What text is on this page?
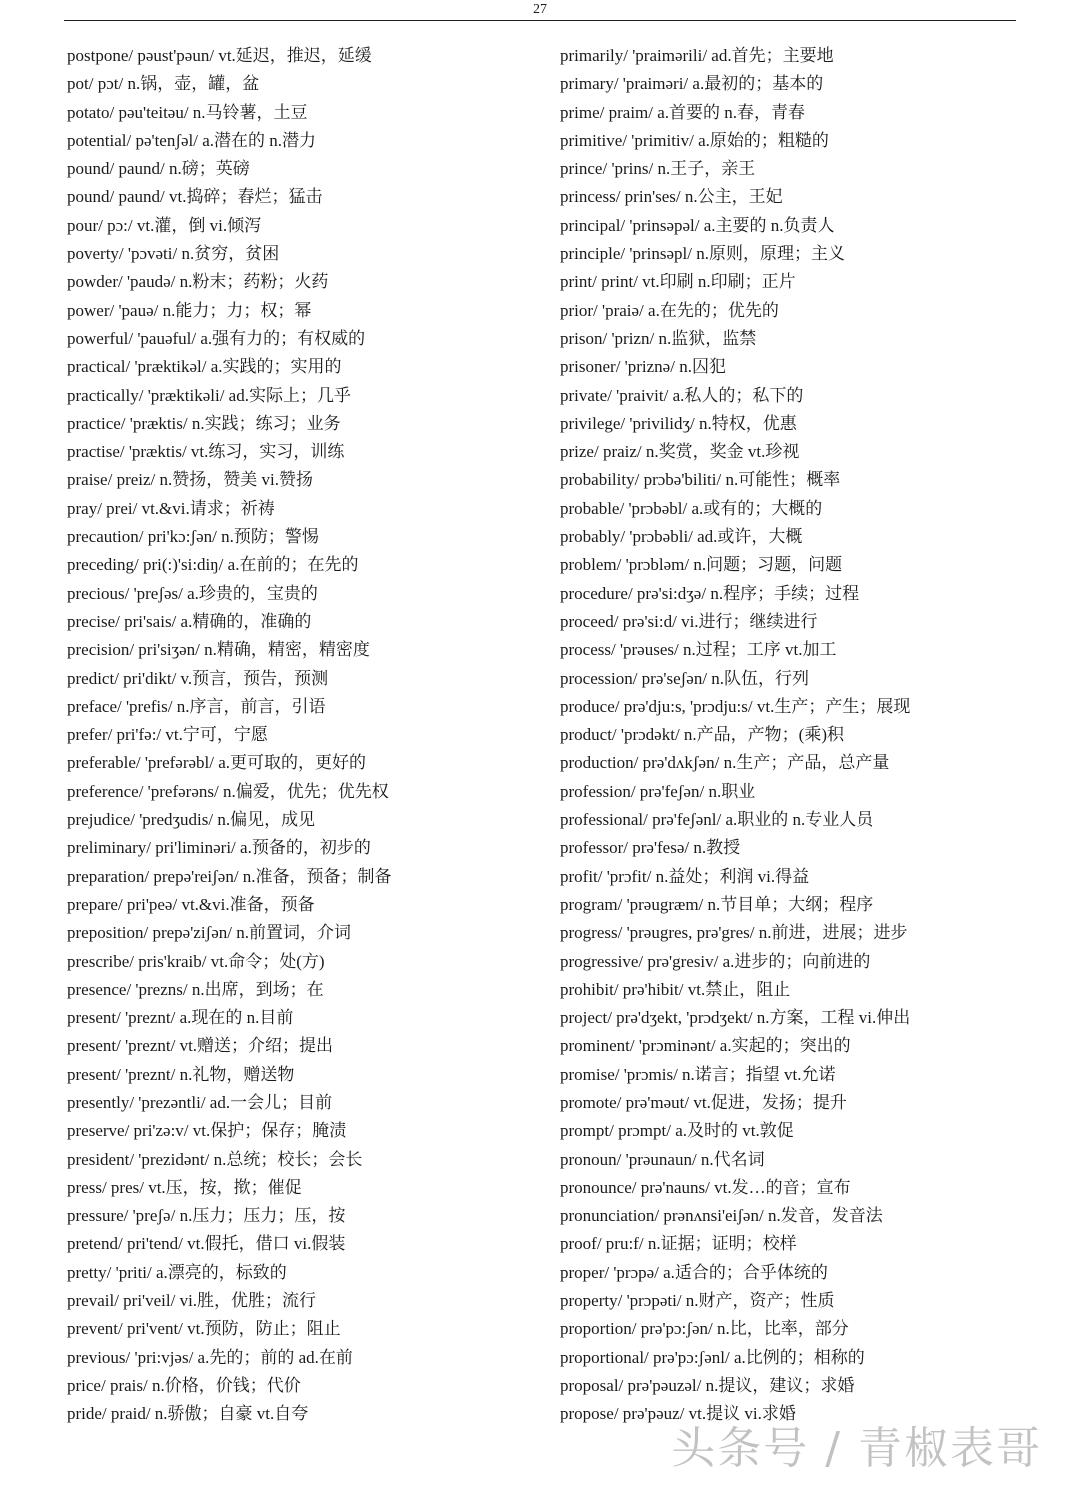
27
postpone/ pəust'pəun/ vt.延迟，推迟，延缓
pot/ pɔt/ n.锅，壶，罐，盆
potato/ pəu'teitəu/ n.马铃薯，土豆
potential/ pə'tenʃəl/ a.潜在的 n.潜力
pound/ paund/ n.磅；英磅
pound/ paund/ vt.捣碎；舂烂；猛击
pour/ pɔ:/ vt.灌，倒 vi.倾泻
poverty/ 'pɔvəti/ n.贫穷，贫困
powder/ 'paudə/ n.粉末；药粉；火药
power/ 'pauə/ n.能力；力；权；幂
powerful/ 'pauəful/ a.强有力的；有权威的
practical/ 'præktikəl/ a.实践的；实用的
practically/ 'præktikəli/ ad.实际上；几乎
practice/ 'præktis/ n.实践；练习；业务
practise/ 'præktis/ vt.练习，实习，训练
praise/ preiz/ n.赞扬，赞美 vi.赞扬
pray/ prei/ vt.&vi.请求；祈祷
precaution/ pri'kɔ:ʃən/ n.预防；警惕
preceding/ pri(:)'si:diŋ/ a.在前的；在先的
precious/ 'preʃəs/ a.珍贵的，宝贵的
precise/ pri'sais/ a.精确的，准确的
precision/ pri'siʒən/ n.精确，精密，精密度
predict/ pri'dikt/ v.预言，预告，预测
preface/ 'prefis/ n.序言，前言，引语
prefer/ pri'fə:/ vt.宁可，宁愿
preferable/ 'prefərəbl/ a.更可取的，更好的
preference/ 'prefərəns/ n.偏爱，优先；优先权
prejudice/ 'predʒudis/ n.偏见，成见
preliminary/ pri'liminəri/ a.预备的，初步的
preparation/ prepə'reiʃən/ n.准备，预备；制备
prepare/ pri'peə/ vt.&vi.准备，预备
preposition/ prepə'ziʃən/ n.前置词，介词
prescribe/ pris'kraib/ vt.命令；处(方)
presence/ 'prezns/ n.出席，到场；在
present/ 'preznt/ a.现在的 n.目前
present/ 'preznt/ vt.赠送；介绍；提出
present/ 'preznt/ n.礼物，赠送物
presently/ 'prezəntli/ ad.一会儿；目前
preserve/ pri'zə:v/ vt.保护；保存；腌渍
president/ 'prezidənt/ n.总统；校长；会长
press/ pres/ vt.压，按，揿；催促
pressure/ 'preʃə/ n.压力；压力；压，按
pretend/ pri'tend/ vt.假托，借口 vi.假装
pretty/ 'priti/ a.漂亮的，标致的
prevail/ pri'veil/ vi.胜，优胜；流行
prevent/ pri'vent/ vt.预防，防止；阻止
previous/ 'pri:vjəs/ a.先的；前的 ad.在前
price/ prais/ n.价格，价钱；代价
pride/ praid/ n.骄傲；自豪 vt.自夸
primarily/ 'praimərili/ ad.首先；主要地
primary/ 'praiməri/ a.最初的；基本的
prime/ praim/ a.首要的 n.春，青春
primitive/ 'primitiv/ a.原始的；粗糙的
prince/ 'prins/ n.王子，亲王
princess/ prin'ses/ n.公主，王妃
principal/ 'prinsəpəl/ a.主要的 n.负责人
principle/ 'prinsəpl/ n.原则，原理；主义
print/ print/ vt.印刷 n.印刷；正片
prior/ 'praiə/ a.在先的；优先的
prison/ 'prizn/ n.监狱，监禁
prisoner/ 'priznə/ n.囚犯
private/ 'praivit/ a.私人的；私下的
privilege/ 'privilidʒ/ n.特权，优惠
prize/ praiz/ n.奖赏，奖金 vt.珍视
probability/ prɔbə'biliti/ n.可能性；概率
probable/ 'prɔbəbl/ a.或有的；大概的
probably/ 'prɔbəbli/ ad.或许，大概
problem/ 'prɔbləm/ n.问题；习题，问题
procedure/ prə'si:dʒə/ n.程序；手续；过程
proceed/ prə'si:d/ vi.进行；继续进行
process/ 'prəuses/ n.过程；工序 vt.加工
procession/ prə'seʃən/ n.队伍，行列
produce/ prə'dju:s, 'prɔdju:s/ vt.生产；产生；展现
product/ 'prɔdəkt/ n.产品，产物；(乘)积
production/ prə'dʌkʃən/ n.生产；产品，总产量
profession/ prə'feʃən/ n.职业
professional/ prə'feʃənl/ a.职业的 n.专业人员
professor/ prə'fesə/ n.教授
profit/ 'prɔfit/ n.益处；利润 vi.得益
program/ 'prəugræm/ n.节目单；大纲；程序
progress/ 'prəugres, prə'gres/ n.前进，进展；进步
progressive/ prə'gresiv/ a.进步的；向前进的
prohibit/ prə'hibit/ vt.禁止，阻止
project/ prə'dʒekt, 'prɔdʒekt/ n.方案，工程 vi.伸出
prominent/ 'prɔminənt/ a.实起的；突出的
promise/ 'prɔmis/ n.诺言；指望 vt.允诺
promote/ prə'məut/ vt.促进，发扬；提升
prompt/ prɔmpt/ a.及时的 vt.敦促
pronoun/ 'prəunaun/ n.代名词
pronounce/ prə'nauns/ vt.发…的音；宣布
pronunciation/ prənʌnsi'eiʃən/ n.发音，发音法
proof/ pru:f/ n.证据；证明；校样
proper/ 'prɔpə/ a.适合的；合乎体统的
property/ 'prɔpəti/ n.财产，资产；性质
proportion/ prə'pɔ:ʃən/ n.比，比率，部分
proportional/ prə'pɔ:ʃənl/ a.比例的；相称的
proposal/ prə'pəuzəl/ n.提议，建议；求婚
propose/ prə'pəuz/ vt.提议 vi.求婚
头条号 / 青椒表哥
